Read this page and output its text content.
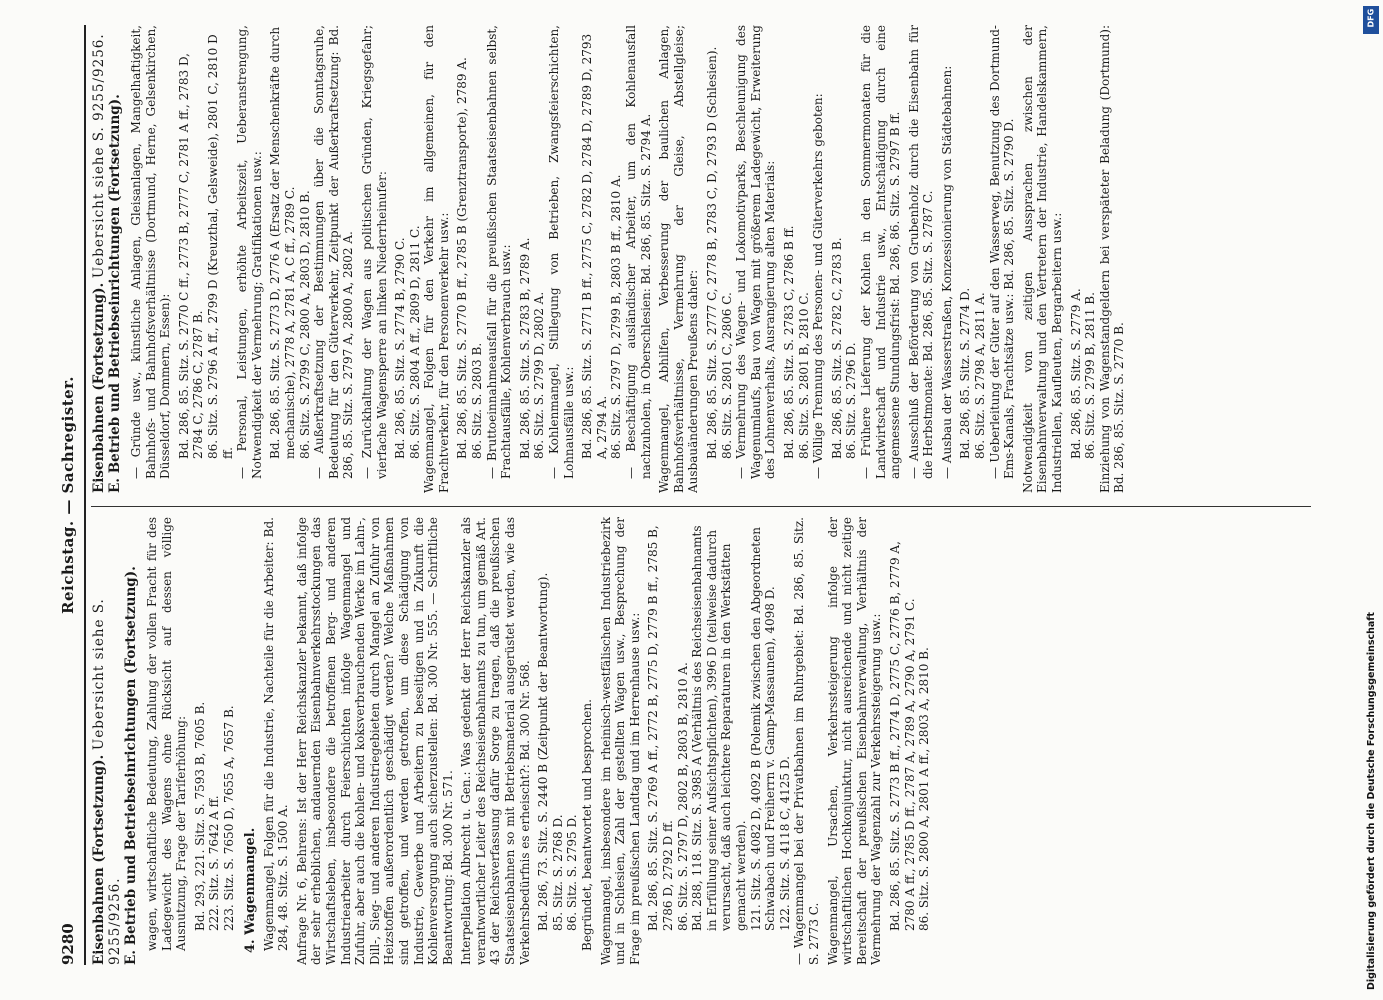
9280
Reichstag. — Sachregister.
Eisenbahnen (Fortsetzung). Uebersicht siehe S. 9255/9256.
E. Betrieb und Betriebseinrichtungen (Fortsetzung). wagen, wirtschaftliche Bedeutung, Zahlung der vollen Fracht für des Ladegewicht des Wagens ohne Rücksicht auf dessen völlige Ausnutzung, Frage der Tariferhöhung: Bd. 293, 221. Sitz. S. 7593 B, 7605 B. 222. Sitz. S. 7642 A ff. 223. Sitz. S. 7650 D, 7655 A, 7657 B. 4. Wagenmangel. Wagenmangel, Folgen für die Industrie, Nachteile für die Arbeiter: Bd. 284, 48. Sitz. S. 1500 A. Anfrage Nr. 6, Behrens: Ist der Herr Reichskanzler bekannt, daß infolge der sehr erheblichen, andauernden Eisenbahnverkehrsstockungen das Wirtschaftsleben, insbesondere die betroffenen Berg- und anderen Industriearbeiter durch Feierschichten infolge Wagenmangel und Zufuhr, aber auch die kohlen- und koksverbrauchenden Werke im Lahn-, Dill-, Sieg- und anderen Industriegebieten durch Mangel an Zufuhr von Heizstoffen außerordentlich geschädigt werden? Welche Maßnahmen sind getroffen, und werden getroffen, um diese Schädigung von Industrie, Gewerbe und Arbeitern zu beseitigen und in Zukunft die Kohlenversorgung auch sicherzustellen: Bd. 300 Nr. 555. — Schriftliche Beantwortung: Bd. 300 Nr. 571. Interpellation Albrecht u. Gen.: Was gedenkt der Herr Reichskanzler als verantwortlicher Leiter des Reichseisenbahnamts zu tun, um gemäß Art. 43 der Reichsverfassung dafür Sorge zu tragen, daß die preußischen Staatseisenbahnen so mit Betriebsmaterial ausgerüstet werden, wie das Verkehrsbedürfnis es erheischt?: Bd. 300 Nr. 568. Bd. 286, 73. Sitz. S. 2440 B (Zeitpunkt der Beantwortung). 85. Sitz. S. 2768 D. 86. Sitz. S. 2795 D. Begründet, beantwortet und besprochen. Wagenmangel, insbesondere im rheinisch-westfälischen Industriebezirk und in Schlesien, Zahl der gestellten Wagen usw., Besprechung der Frage im preußischen Landtag und im Herrenhause usw.: Bd. 286, 85. Sitz. S. 2769 A ff., 2772 B, 2775 D, 2779 B ff., 2785 B, 2786 D, 2792 D ff. 86. Sitz. S. 2797 D, 2802 B, 2803 B, 2810 A. Bd. 288, 118. Sitz. S. 3985 A (Verhältnis des Reichseisenbahnamts in Erfüllung seiner Aufsichtspflichten), 3996 D (teilweise dadurch verursacht, daß auch leichtere Reparaturen in den Werkstätten gemacht werden). 121. Sitz. S. 4082 D, 4092 B (Polemik zwischen den Abgeordneten Schwabach und Freiherrn v. Gamp-Massaunen), 4098 D. 122. Sitz. S. 4118 C, 4125 D. — Wagenmangel bei der Privatbahnen im Ruhrgebiet: Bd. 286, 85. Sitz. S. 2773 C. Wagenmangel, Ursachen, Verkehrssteigerung infolge der wirtschaftlichen Hochkonjunktur, nicht ausreichende und nicht zeitige Bereitschaft der preußischen Eisenbahnverwaltung, Verhältnis der Vermehrung der Wagenzahl zur Verkehrssteigerung usw.: Bd. 286, 85. Sitz. S. 2773 B ff., 2774 D, 2775 C, 2776 B, 2779 A, 2780 A ff., 2785 D ff., 2787 A, 2789 A, 2790 A, 2791 C. 86. Sitz. S. 2800 A, 2801 A ff., 2803 A, 2810 B.
Eisenbahnen (Fortsetzung). Uebersicht siehe S. 9255/9256.
E. Betrieb und Betriebseinrichtungen (Fortsetzung). — Gründe usw., künstliche Anlagen, Gleisanlagen, Mangelhaftigkeit, Bahnhofs- und Bahnhofsverhältnisse (Dortmund, Herne, Gelsenkirchen, Düsseldorf, Dommern, Essen): Bd. 286, 85. Sitz. S. 2770 C ff., 2773 B, 2777 C, 2781 A ff., 2783 D, 2784 C, 2786 C, 2787 B. 86. Sitz. S. 2796 A ff., 2799 D (Kreuzthal, Gelsweide), 2801 C, 2810 D ff. — Personal, Leistungen, erhöhte Arbeitszeit, Ueberanstrengung, Notwendigkeit der Vermehrung; Gratifikationen usw.: Bd. 286, 85. Sitz. S. 2773 D, 2776 A (Ersatz der Menschenkräfte durch mechanische), 2778 A, 2781 A, C ff., 2789 C. 86. Sitz. S. 2799 C, 2800 A, 2803 D, 2810 B. — Außerkraftsetzung der Bestimmungen über die Sonntagsruhe, Bedeutung für den Güterverkehr, Zeitpunkt der Außerkraftsetzung: Bd. 286, 85. Sitz. S. 2797 A, 2800 A, 2802 A. — Zurückhaltung der Wagen aus politischen Gründen, Kriegsgefahr; vierfache Wagensperre an linken Niederrheinufer: Bd. 286, 85. Sitz. S. 2774 B, 2790 C. 86. Sitz. S. 2804 A ff., 2809 D, 2811 C. Wagenmangel, Folgen für den Verkehr im allgemeinen, für den Frachtverkehr, für den Personenverkehr usw.: Bd. 286, 85. Sitz. S. 2770 B ff., 2785 B (Grenztransporte), 2789 A. 86. Sitz. S. 2803 B. — Bruttoeinnahmeausfall für die preußischen Staatseisenbahnen selbst, Frachtausfälle, Kohlenverbrauch usw.: Bd. 286, 85. Sitz. S. 2783 B, 2789 A. 86. Sitz. S. 2799 D, 2802 A. — Kohlenmangel, Stillegung von Betrieben, Zwangsfeierschichten, Lohnausfälle usw.: Bd. 286, 85. Sitz. S. 2771 B ff., 2775 C, 2782 D, 2784 D, 2789 D, 2793 A, 2794 A. 86. Sitz. S. 2797 D, 2799 B, 2803 B ff., 2810 A. — Beschäftigung ausländischer Arbeiter, um den Kohlenausfall nachzuholen, in Oberschlesien: Bd. 286, 85. Sitz. S. 2794 A. Wagenmangel, Abhilfen, Verbesserung der baulichen Anlagen, Bahnhofsverhältnisse, Vermehrung der Gleise, Abstellgleise; Ausbauänderungen Preußens daher: Bd. 286, 85. Sitz. S. 2777 C, 2778 B, 2783 C, D, 2793 D (Schlesien). 86. Sitz. S. 2801 C, 2806 C. — Vermehrung des Wagen- und Lokomotivparks, Beschleunigung des Wagenumlaufs, Bau von Wagen mit größerem Ladegewicht, Erweiterung des Lohnenverhalts, Ausrangierung alten Materials: Bd. 286, 85. Sitz. S. 2783 C, 2786 B ff. 86. Sitz. S. 2801 B, 2810 C. — Völlige Trennung des Personen- und Güterverkehrs geboten: Bd. 286, 85. Sitz. S. 2782 C, 2783 B. 86. Sitz. S. 2796 D. — Frühere Lieferung der Kohlen in den Sommermonaten für die Landwirtschaft und Industrie usw., Entschädigung durch eine angemessene Stundungsfrist: Bd. 286, 86. Sitz. S. 2797 B ff. — Ausschluß der Beförderung von Grubenholz durch die Eisenbahn für die Herbstmonate: Bd. 286, 85. Sitz. S. 2787 C. — Ausbau der Wasserstraßen, Konzessionierung von Städtebahnen: Bd. 286, 85. Sitz. S. 2774 D. 86. Sitz. S. 2798 A, 2811 A. — Ueberleitung der Güter auf den Wasserweg, Benutzung des Dortmund-Ems-Kanals, Frachtsätze usw.: Bd. 286, 85. Sitz. S. 2790 D. Notwendigkeit von zeitigen Aussprachen zwischen der Eisenbahnverwaltung und den Vertretern der Industrie, Handelskammern, Industriellen, Kaufleuten, Bergarbeitern usw.: Bd. 286, 85. Sitz. S. 2779 A. 86. Sitz. S. 2799 B, 2811 B. Einziehung von Wagenstandgeldern bei verspäteter Beladung (Dortmund): Bd. 286, 85. Sitz. S. 2770 B.

Digitalisierung gefördert durch die Deutsche Forschungsgemeinschaft
DFG
